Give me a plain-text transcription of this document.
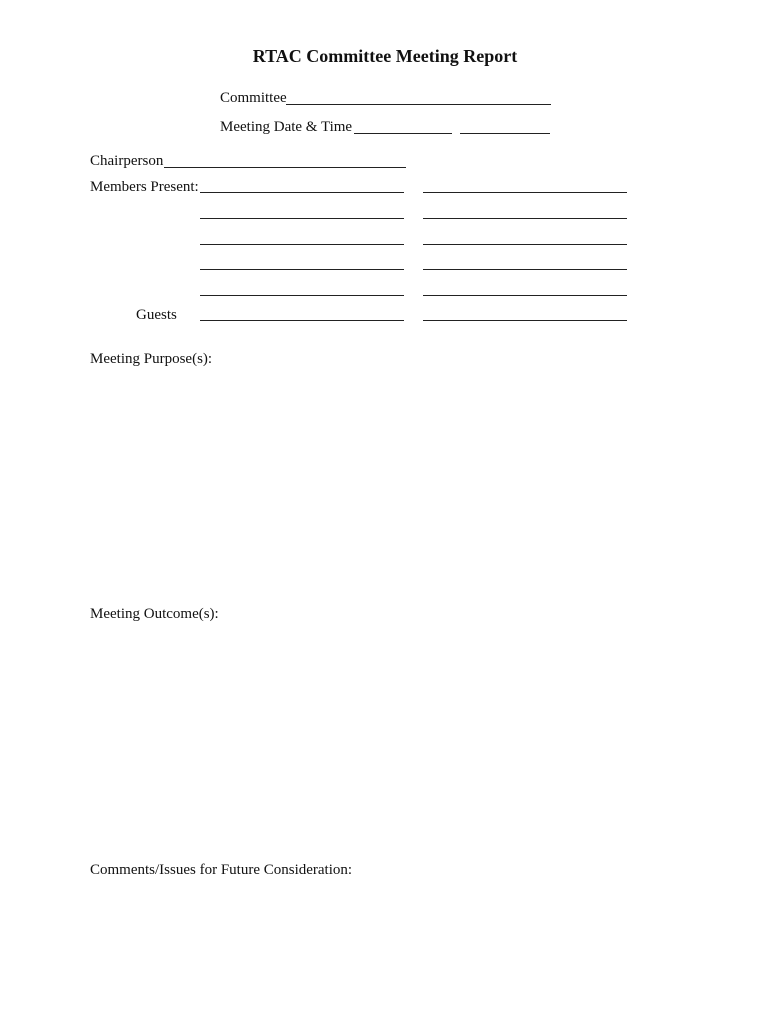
RTAC Committee Meeting Report
Committee
Meeting Date & Time
Chairperson
Members Present:
Guests
Meeting Purpose(s):
Meeting Outcome(s):
Comments/Issues for Future Consideration:
